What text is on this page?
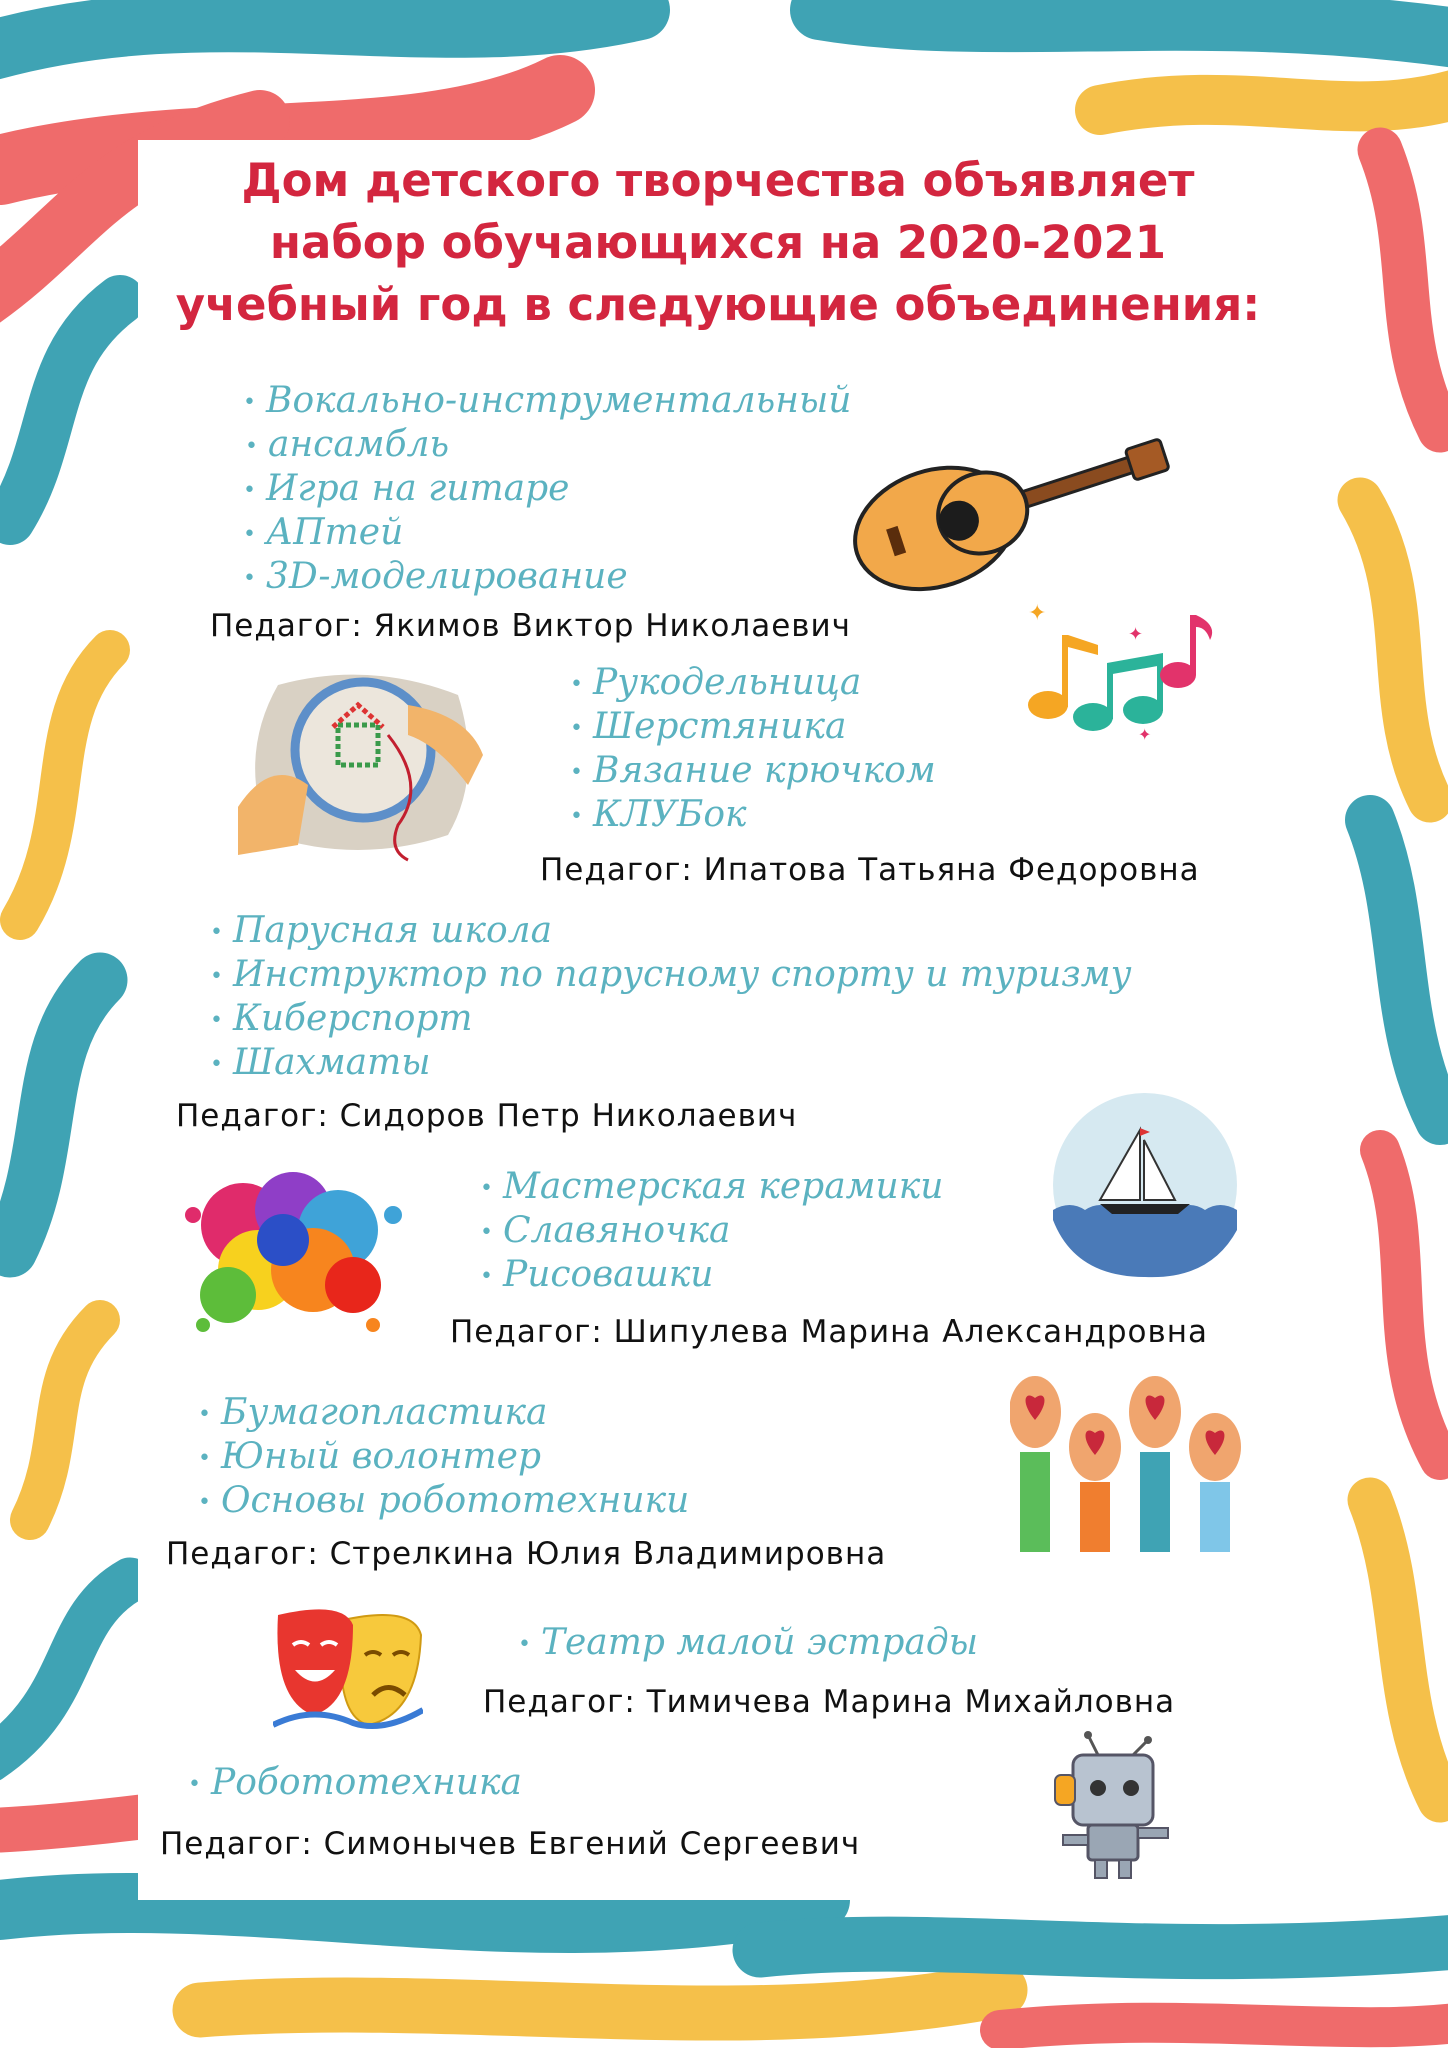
Дом детского творчества объявляет
набор обучающихся на 2020-2021
учебный год в следующие объединения:
• Вокально-инструментальный
• ансамбль
• Игра на гитаре
• АПтей
• 3D-моделирование
Педагог: Якимов Виктор Николаевич
• Рукодельница
• Шерстяника
• Вязание крючком
• КЛУБок
Педагог: Ипатова Татьяна Федоровна
• Парусная школа
• Инструктор по парусному спорту и туризму
• Киберспорт
• Шахматы
Педагог: Сидоров Петр Николаевич
• Мастерская керамики
• Славяночка
• Рисовашки
Педагог: Шипулева Марина Александровна
• Бумагопластика
• Юный волонтер
• Основы робототехники
Педагог: Стрелкина Юлия Владимировна
• Театр малой эстрады
Педагог: Тимичева Марина Михайловна
• Робототехника
Педагог: Симонычев Евгений Сергеевич
✦
✦
✦
